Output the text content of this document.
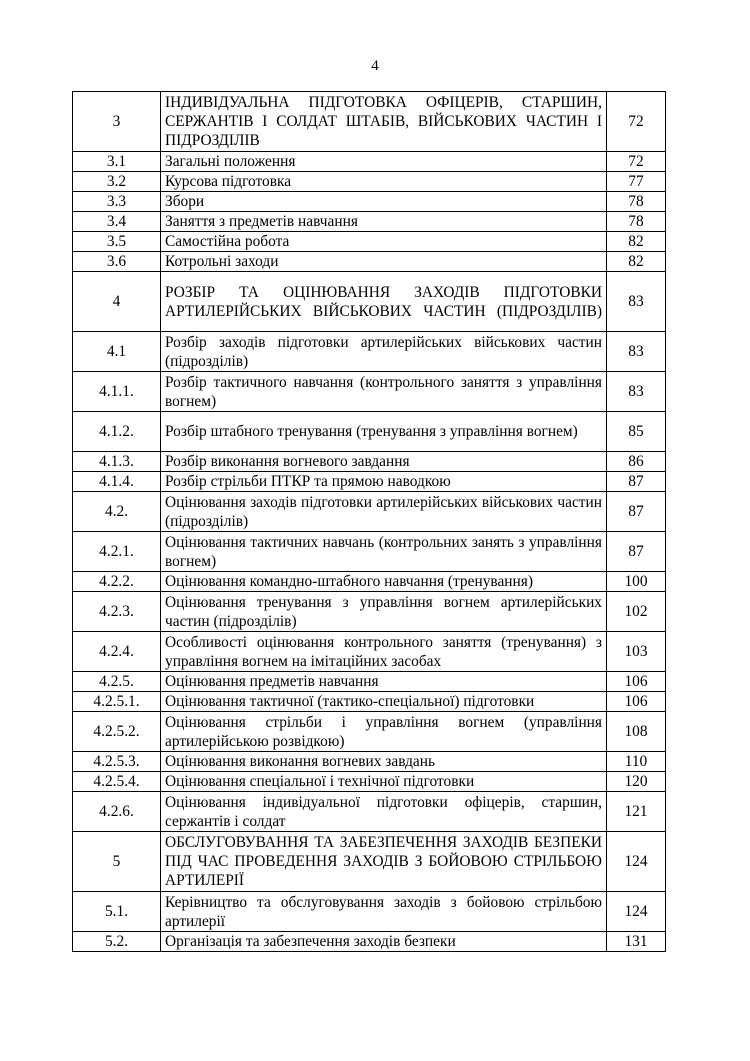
4
3	ІНДИВІДУАЛЬНА ПІДГОТОВКА ОФІЦЕРІВ, СТАРШИН, СЕРЖАНТІВ І СОЛДАТ ШТАБІВ, ВІЙСЬКОВИХ ЧАСТИН І ПІДРОЗДІЛІВ	72
3.1	Загальні положення	72
3.2	Курсова підготовка	77
3.3	Збори	78
3.4	Заняття з предметів навчання	78
3.5	Самостійна робота	82
3.6	Котрольні заходи	82
4	РОЗБІР ТА ОЦІНЮВАННЯ ЗАХОДІВ ПІДГОТОВКИ АРТИЛЕРІЙСЬКИХ ВІЙСЬКОВИХ ЧАСТИН (ПІДРОЗДІЛІВ)	83
4.1	Розбір заходів підготовки артилерійських військових частин (підрозділів)	83
4.1.1.	Розбір тактичного навчання (контрольного заняття з управління вогнем)	83
4.1.2.	Розбір штабного тренування (тренування з управління вогнем)	85
4.1.3.	Розбір виконання вогневого завдання	86
4.1.4.	Розбір стрільби ПТКР та прямою наводкою	87
4.2.	Оцінювання заходів підготовки артилерійських військових частин (підрозділів)	87
4.2.1.	Оцінювання тактичних навчань (контрольних занять з управління вогнем)	87
4.2.2.	Оцінювання командно-штабного навчання (тренування)	100
4.2.3.	Оцінювання тренування з управління вогнем артилерійських частин (підрозділів)	102
4.2.4.	Особливості оцінювання контрольного заняття (тренування) з управління вогнем на імітаційних засобах	103
4.2.5.	Оцінювання предметів навчання	106
4.2.5.1.	Оцінювання тактичної (тактико-спеціальної) підготовки	106
4.2.5.2.	Оцінювання стрільби і управління вогнем (управління артилерійською розвідкою)	108
4.2.5.3.	Оцінювання виконання вогневих завдань	110
4.2.5.4.	Оцінювання спеціальної і технічної підготовки	120
4.2.6.	Оцінювання індивідуальної підготовки офіцерів, старшин, сержантів і солдат	121
5	ОБСЛУГОВУВАННЯ ТА ЗАБЕЗПЕЧЕННЯ ЗАХОДІВ БЕЗПЕКИ ПІД ЧАС ПРОВЕДЕННЯ ЗАХОДІВ З БОЙОВОЮ СТРІЛЬБОЮ АРТИЛЕРІЇ	124
5.1.	Керівництво та обслуговування заходів з бойовою стрільбою артилерії	124
5.2.	Організація та забезпечення заходів безпеки	131
